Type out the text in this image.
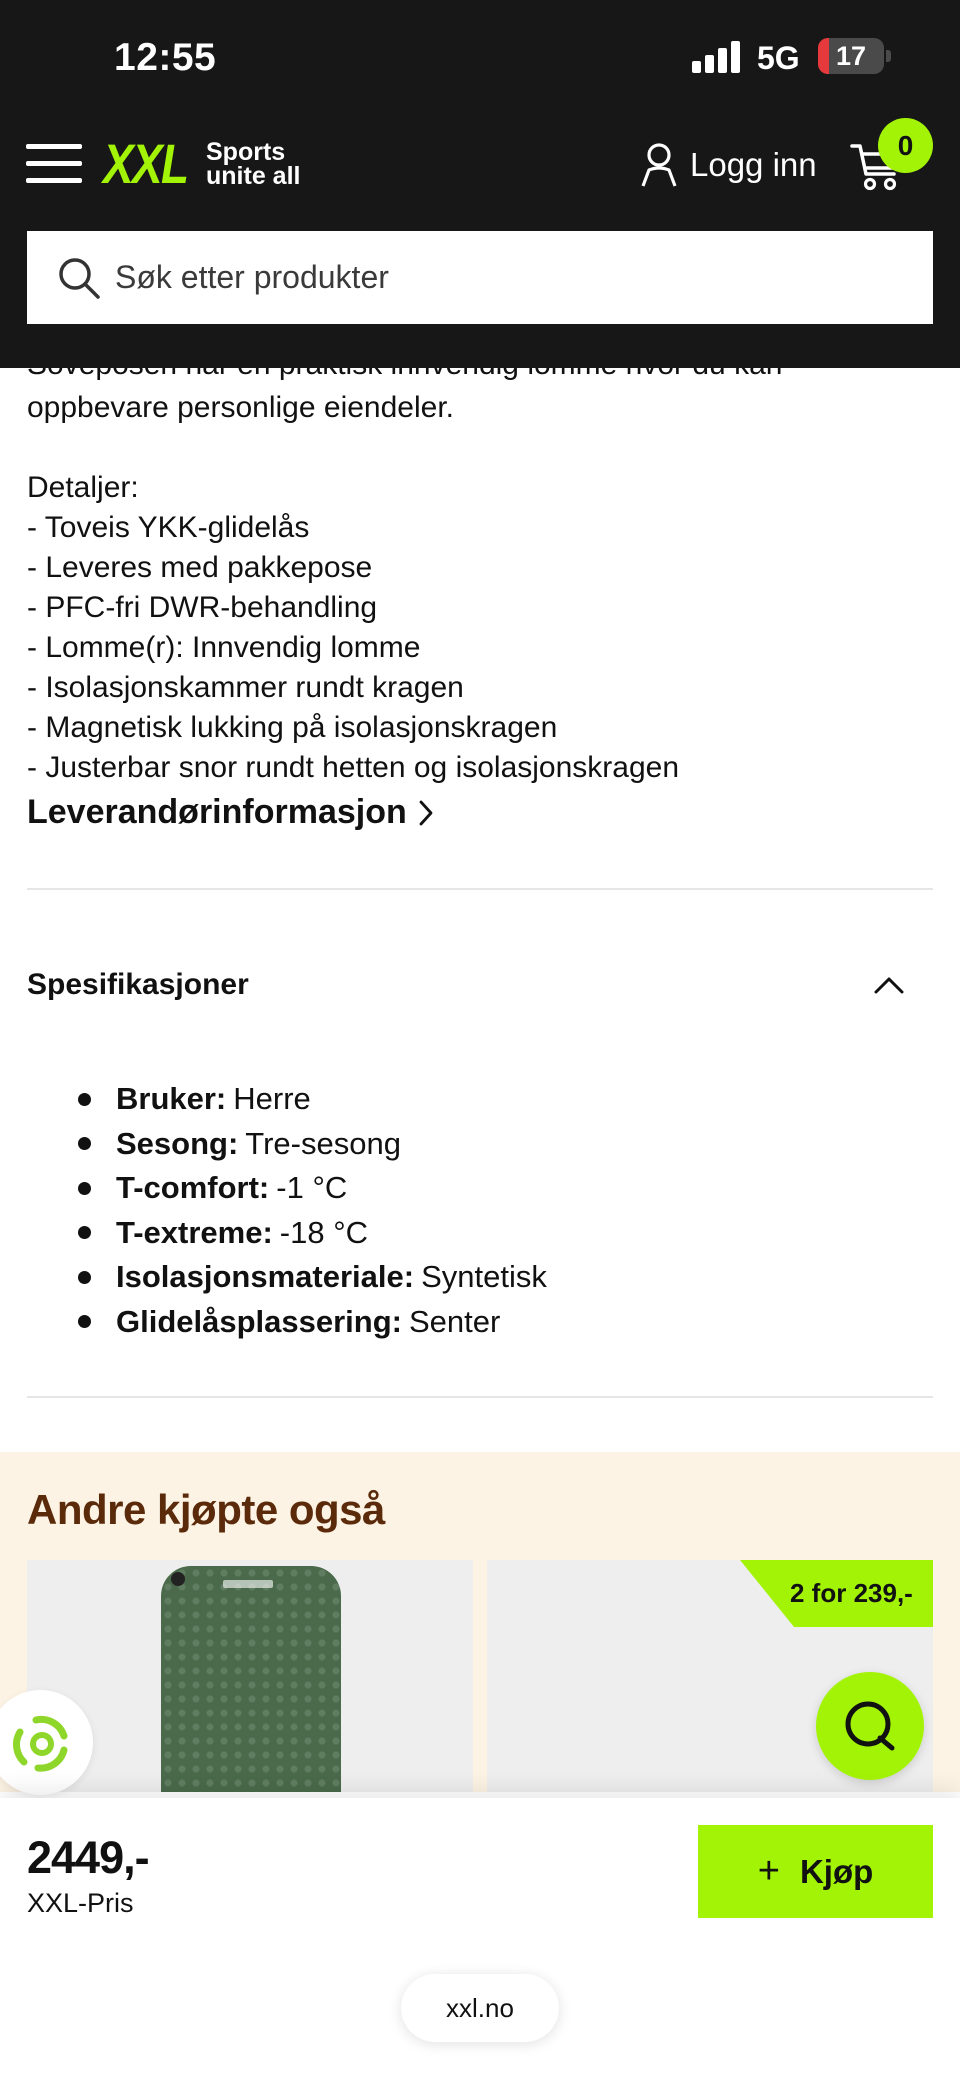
12:55	5G	17
XXL Sports unite all	Logg inn
0
Søk etter produkter
oppbevare personlige eiendeler.
Detaljer:
- Toveis YKK-glidelås
- Leveres med pakkepose
- PFC-fri DWR-behandling
- Lomme(r): Innvendig lomme
- Isolasjonskammer rundt kragen
- Magnetisk lukking på isolasjonskragen
- Justerbar snor rundt hetten og isolasjonskragen
Leverandørinformasjon
Spesifikasjoner
Bruker: Herre
Sesong: Tre-sesong
T-comfort: -1 °C
T-extreme: -18 °C
Isolasjonsmateriale: Syntetisk
Glidelåsplassering: Senter
Andre kjøpte også
2 for 239,-
2449,-
XXL-Pris
+ Kjøp
xxl.no
